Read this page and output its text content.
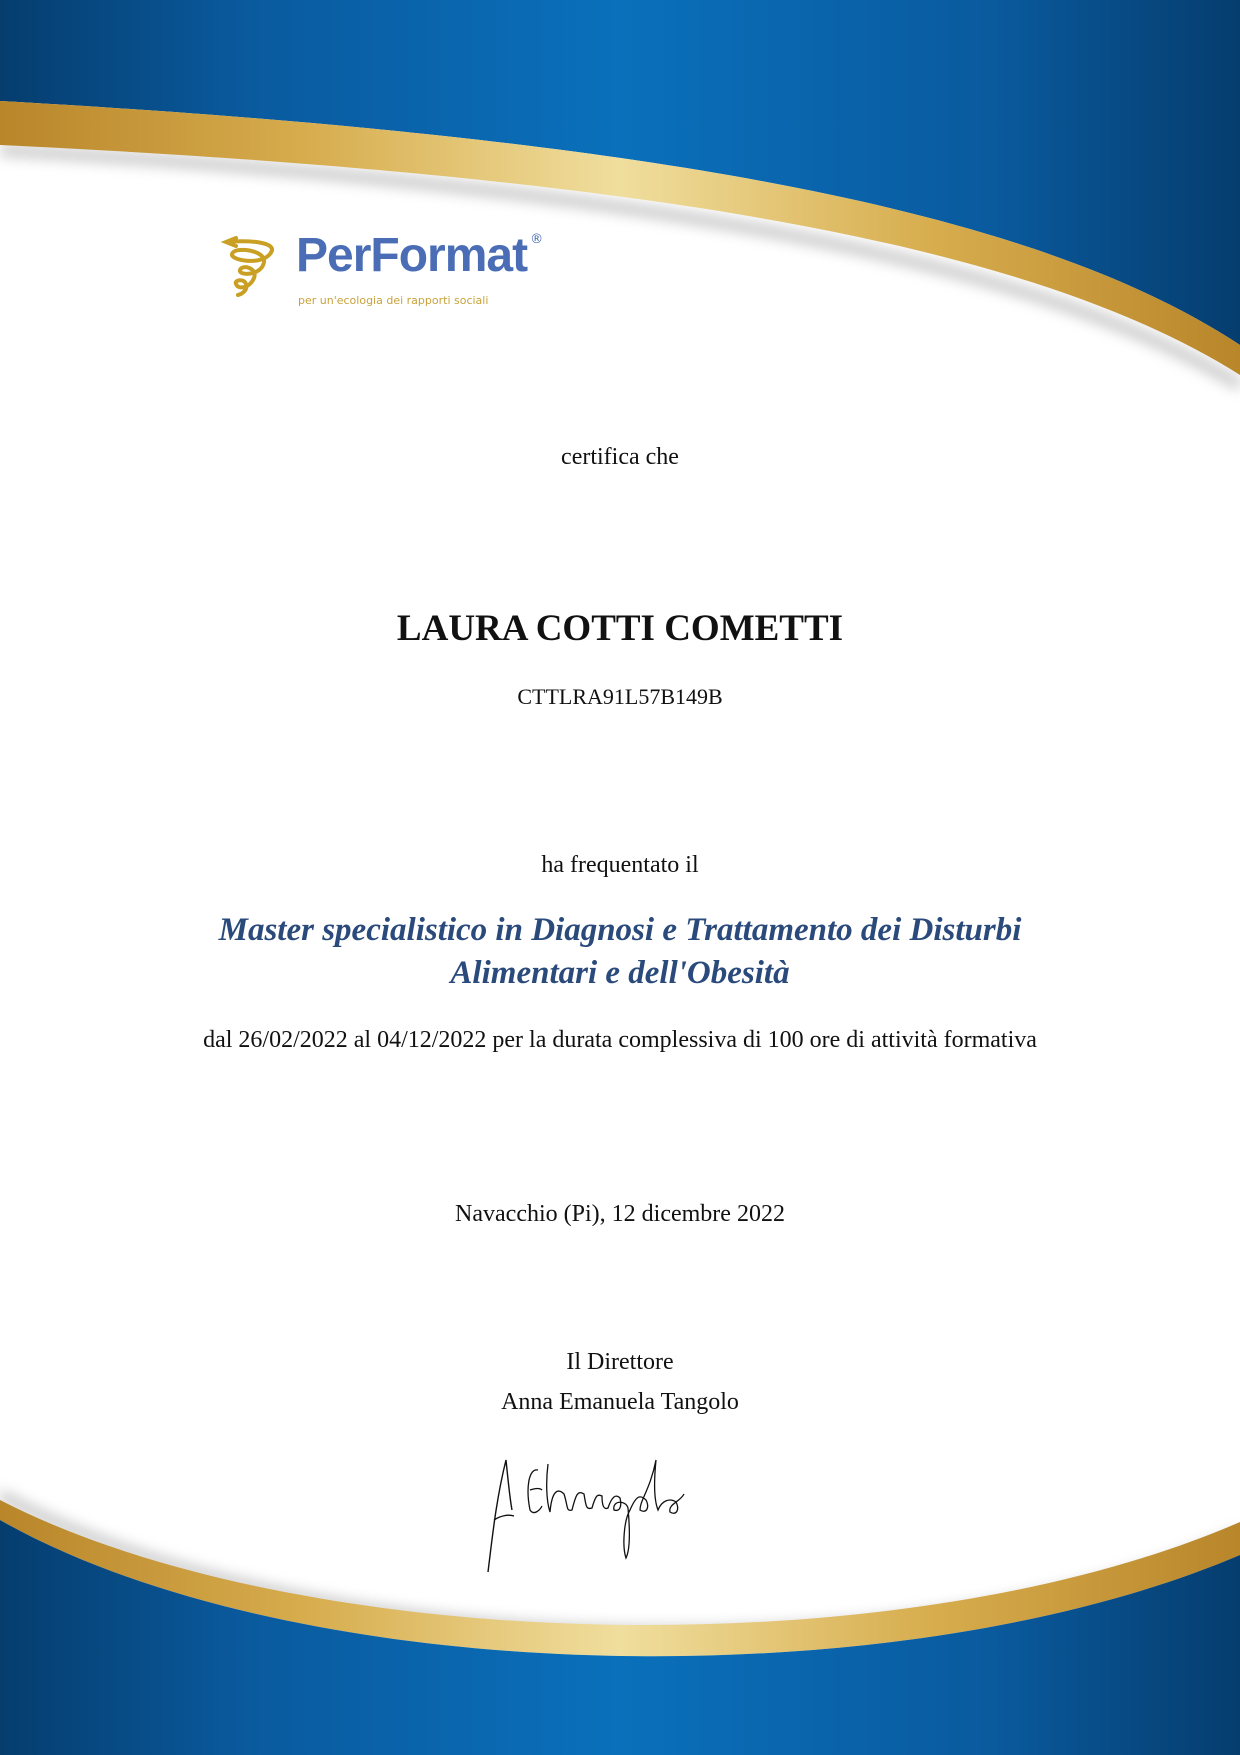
PerFormat ®
per un'ecologia dei rapporti sociali
certifica che
LAURA COTTI COMETTI
CTTLRA91L57B149B
ha frequentato il
Master specialistico in Diagnosi e Trattamento dei Disturbi
Alimentari e dell'Obesità
dal 26/02/2022 al 04/12/2022 per la durata complessiva di 100 ore di attività formativa
Navacchio (Pi), 12 dicembre 2022
Il Direttore
Anna Emanuela Tangolo
